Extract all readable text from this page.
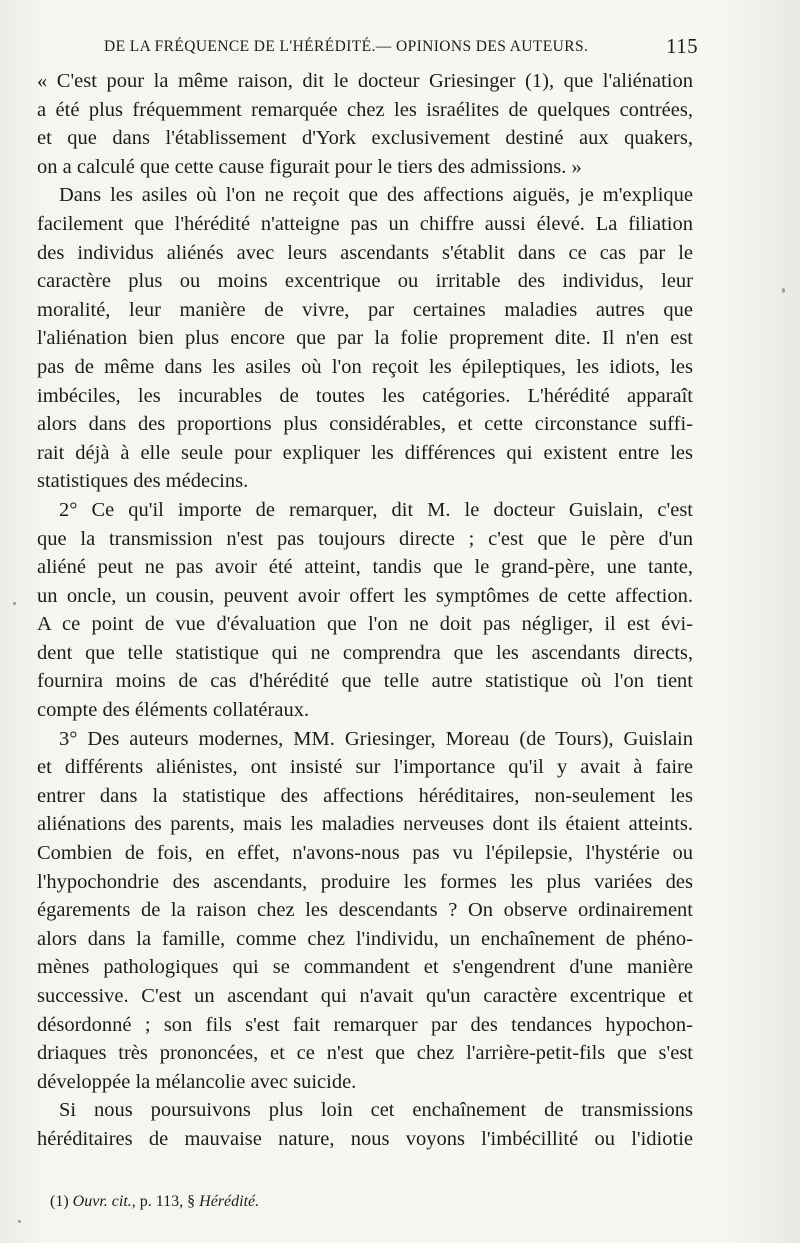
DE LA FRÉQUENCE DE L'HÉRÉDITÉ.— OPINIONS DES AUTEURS.	115
« C'est pour la même raison, dit le docteur Griesinger (1), que l'aliénation
a été plus fréquemment remarquée chez les israélites de quelques contrées,
et que dans l'établissement d'York exclusivement destiné aux quakers,
on a calculé que cette cause figurait pour le tiers des admissions. »
Dans les asiles où l'on ne reçoit que des affections aiguës, je m'explique
facilement que l'hérédité n'atteigne pas un chiffre aussi élevé. La filiation
des individus aliénés avec leurs ascendants s'établit dans ce cas par le
caractère plus ou moins excentrique ou irritable des individus, leur
moralité, leur manière de vivre, par certaines maladies autres que
l'aliénation bien plus encore que par la folie proprement dite. Il n'en est
pas de même dans les asiles où l'on reçoit les épileptiques, les idiots, les
imbéciles, les incurables de toutes les catégories. L'hérédité apparaît
alors dans des proportions plus considérables, et cette circonstance suffi-
rait déjà à elle seule pour expliquer les différences qui existent entre les
statistiques des médecins.
2° Ce qu'il importe de remarquer, dit M. le docteur Guislain, c'est
que la transmission n'est pas toujours directe ; c'est que le père d'un
aliéné peut ne pas avoir été atteint, tandis que le grand-père, une tante,
un oncle, un cousin, peuvent avoir offert les symptômes de cette affection.
A ce point de vue d'évaluation que l'on ne doit pas négliger, il est évi-
dent que telle statistique qui ne comprendra que les ascendants directs,
fournira moins de cas d'hérédité que telle autre statistique où l'on tient
compte des éléments collatéraux.
3° Des auteurs modernes, MM. Griesinger, Moreau (de Tours), Guislain
et différents aliénistes, ont insisté sur l'importance qu'il y avait à faire
entrer dans la statistique des affections héréditaires, non-seulement les
aliénations des parents, mais les maladies nerveuses dont ils étaient atteints.
Combien de fois, en effet, n'avons-nous pas vu l'épilepsie, l'hystérie ou
l'hypochondrie des ascendants, produire les formes les plus variées des
égarements de la raison chez les descendants ? On observe ordinairement
alors dans la famille, comme chez l'individu, un enchaînement de phéno-
mènes pathologiques qui se commandent et s'engendrent d'une manière
successive. C'est un ascendant qui n'avait qu'un caractère excentrique et
désordonné ; son fils s'est fait remarquer par des tendances hypochon-
driaques très prononcées, et ce n'est que chez l'arrière-petit-fils que s'est
développée la mélancolie avec suicide.
Si nous poursuivons plus loin cet enchaînement de transmissions
héréditaires de mauvaise nature, nous voyons l'imbécillité ou l'idiotie
(1) Ouvr. cit., p. 113, § Hérédité.
